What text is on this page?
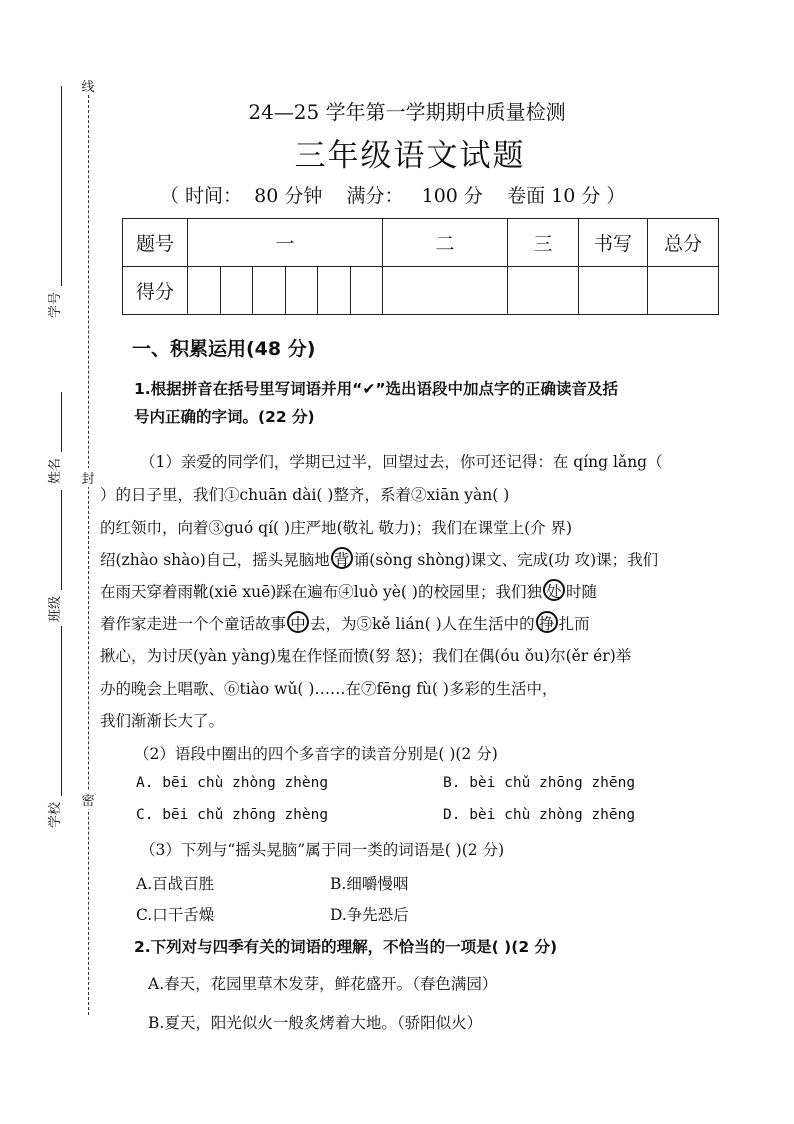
线
封
密
学号
姓名
班级
学校
24—25 学年第一学期期中质量检测
三年级语文试题
（ 时间：  80 分钟    满分：   100 分    卷面 10 分 ）
题号	一						二	三	书写	总分
得分										
一、积累运用(48 分)
1.根据拼音在括号里写词语并用“✔”选出语段中加点字的正确读音及括
号内正确的字词。(22 分)
（1）亲爱的同学们，学期已过半，回望过去，你可还记得：在 qíng lǎng（
）的日子里，我们①chuān dài( )整齐，系着②xiān yàn( )
的红领巾，向着③guó qí( )庄严地(敬礼 敬力)；我们在课堂上(介 界)
绍(zhào shào)自己，摇头晃脑地 背 诵(sòng shòng)课文、完成(功 攻)课；我们
在雨天穿着雨靴(xiē xuē)踩在遍布④luò yè( )的校园里；我们独 处 时随
着作家走进一个个童话故事 中 去，为⑤kě lián( )人在生活中的 挣 扎而
揪心，为讨厌(yàn yàng)鬼在作怪而愤(努 怒)；我们在偶(óu ǒu)尔(ěr ér)举
办的晚会上唱歌、⑥tiào wǔ( )……在⑦fēng fù( )多彩的生活中，
我们渐渐长大了。
（2）语段中圈出的四个多音字的读音分别是( )(2 分)
A. bēi chù zhòng zhèng	B. bèi chǔ zhōng zhēng
C. bēi chǔ zhōng zhèng	D. bèi chù zhòng zhēng
（3）下列与“摇头晃脑”属于同一类的词语是( )(2 分)
A.百战百胜	B.细嚼慢咽
C.口干舌燥	D.争先恐后
2.下列对与四季有关的词语的理解，不恰当的一项是( )(2 分)
A.春天，花园里草木发芽，鲜花盛开。（春色满园）
B.夏天，阳光似火一般炙烤着大地。（骄阳似火）
